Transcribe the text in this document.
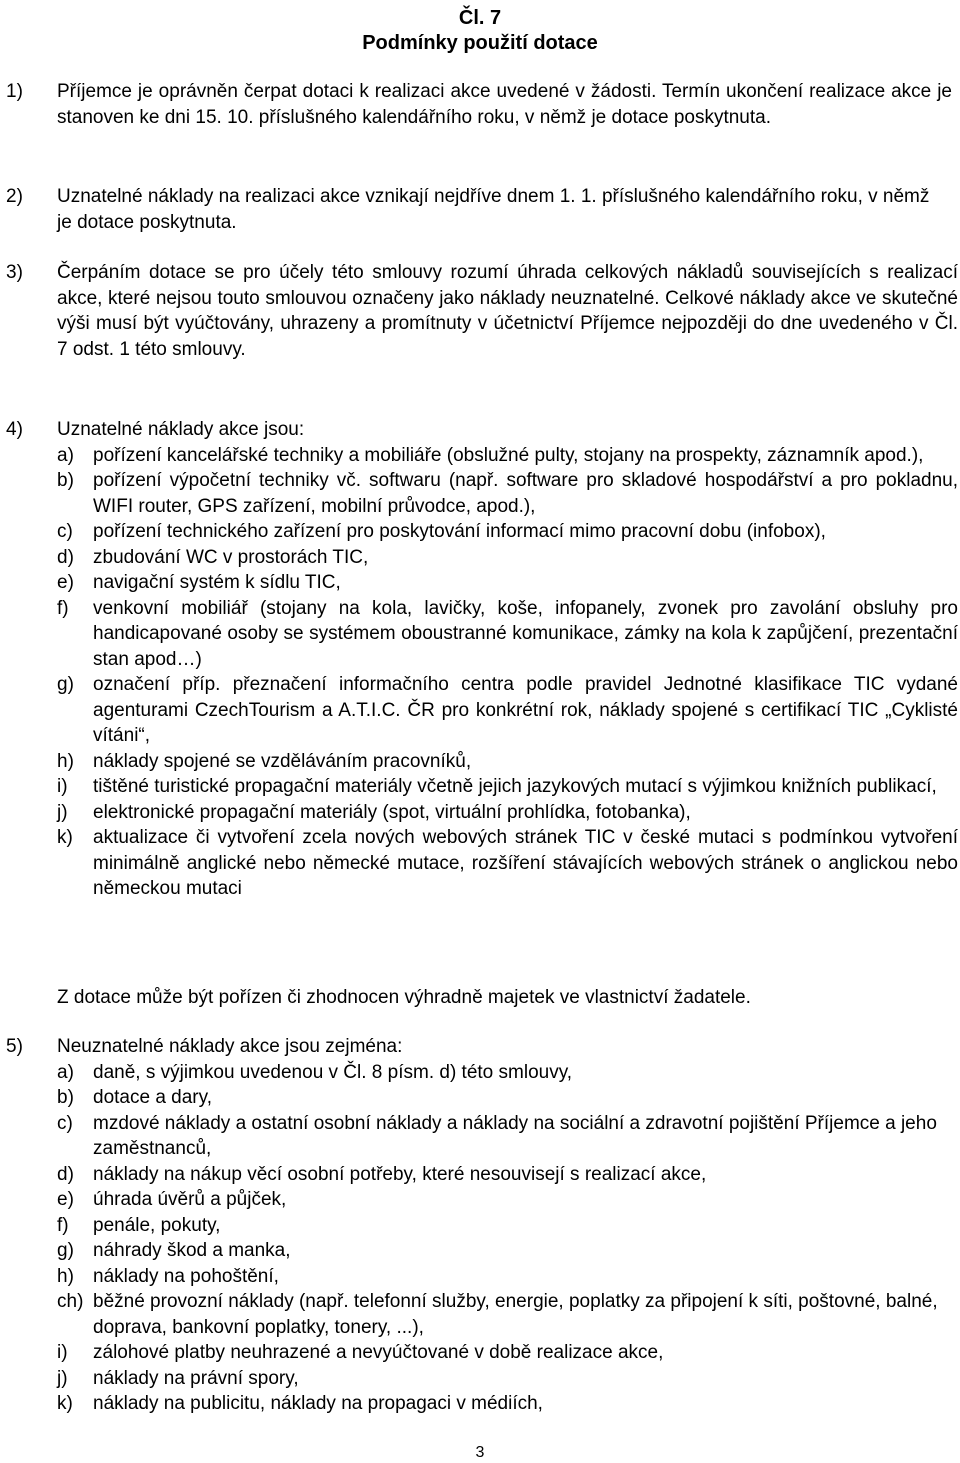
Čl. 7
Podmínky použití dotace
1) Příjemce je oprávněn čerpat dotaci k realizaci akce uvedené v žádosti. Termín ukončení realizace akce je stanoven ke dni 15. 10. příslušného kalendářního roku, v němž je dotace poskytnuta.
2) Uznatelné náklady na realizaci akce vznikají nejdříve dnem 1. 1. příslušného kalendářního roku, v němž je dotace poskytnuta.
3) Čerpáním dotace se pro účely této smlouvy rozumí úhrada celkových nákladů souvisejících s realizací akce, které nejsou touto smlouvou označeny jako náklady neuznatelné. Celkové náklady akce ve skutečné výši musí být vyúčtovány, uhrazeny a promítnuty v účetnictví Příjemce nejpozději do dne uvedeného v Čl. 7 odst. 1 této smlouvy.
4) Uznatelné náklady akce jsou:
a) pořízení kancelářské techniky a mobiliáře (obslužné pulty, stojany na prospekty, záznamník apod.),
b) pořízení výpočetní techniky vč. softwaru (např. software pro skladové hospodářství a pro pokladnu, WIFI router, GPS zařízení, mobilní průvodce, apod.),
c) pořízení technického zařízení pro poskytování informací mimo pracovní dobu (infobox),
d) zbudování WC v prostorách TIC,
e) navigační systém k sídlu TIC,
f) venkovní mobiliář (stojany na kola, lavičky, koše, infopanely, zvonek pro zavolání obsluhy pro handicapované osoby se systémem oboustranné komunikace, zámky na kola k zapůjčení, prezentační stan apod…)
g) označení příp. přeznačení informačního centra podle pravidel Jednotné klasifikace TIC vydané agenturami CzechTourism a A.T.I.C. ČR pro konkrétní rok, náklady spojené s certifikací TIC „Cyklisté vítáni“,
h) náklady spojené se vzděláváním pracovníků,
i) tištěné turistické propagační materiály včetně jejich jazykových mutací s výjimkou knižních publikací,
j) elektronické propagační materiály (spot, virtuální prohlídka, fotobanka),
k) aktualizace či vytvoření zcela nových webových stránek TIC v české mutaci s podmínkou vytvoření minimálně anglické nebo německé mutace, rozšíření stávajících webových stránek o anglickou nebo německou mutaci
Z dotace může být pořízen či zhodnocen výhradně majetek ve vlastnictví žadatele.
5) Neuznatelné náklady akce jsou zejména:
a) daně, s výjimkou uvedenou v Čl. 8 písm. d) této smlouvy,
b) dotace a dary,
c) mzdové náklady a ostatní osobní náklady a náklady na sociální a zdravotní pojištění Příjemce a jeho zaměstnanců,
d) náklady na nákup věcí osobní potřeby, které nesouvisejí s realizací akce,
e) úhrada úvěrů a půjček,
f) penále, pokuty,
g) náhrady škod a manka,
h) náklady na pohoštění,
ch) běžné provozní náklady (např. telefonní služby, energie, poplatky za připojení k síti, poštovné, balné, doprava, bankovní poplatky, tonery, ...),
i) zálohové platby neuhrazené a nevyúčtované v době realizace akce,
j) náklady na právní spory,
k) náklady na publicitu, náklady na propagaci v médiích,
3
